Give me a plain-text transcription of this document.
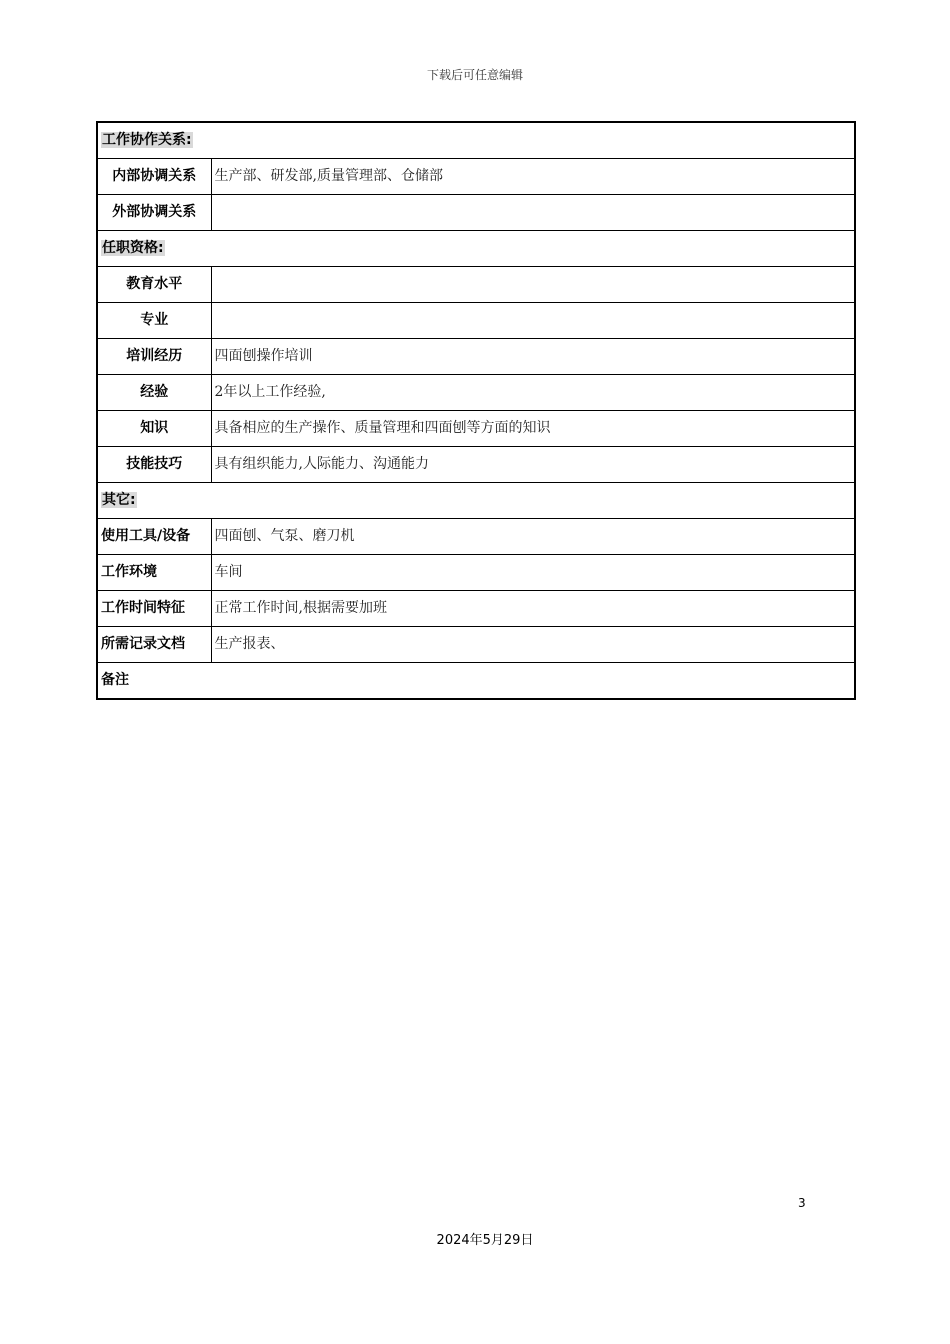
下载后可任意编辑
工作协作关系:	
内部协调关系	生产部、研发部,质量管理部、仓储部
外部协调关系	
任职资格:	
教育水平	
专业	
培训经历	四面刨操作培训
经验	2年以上工作经验,
知识	具备相应的生产操作、质量管理和四面刨等方面的知识
技能技巧	具有组织能力,人际能力、沟通能力
其它:	
使用工具/设备	四面刨、气泵、磨刀机
工作环境	车间
工作时间特征	正常工作时间,根据需要加班
所需记录文档	生产报表、
备注	
3
2024年5月29日
